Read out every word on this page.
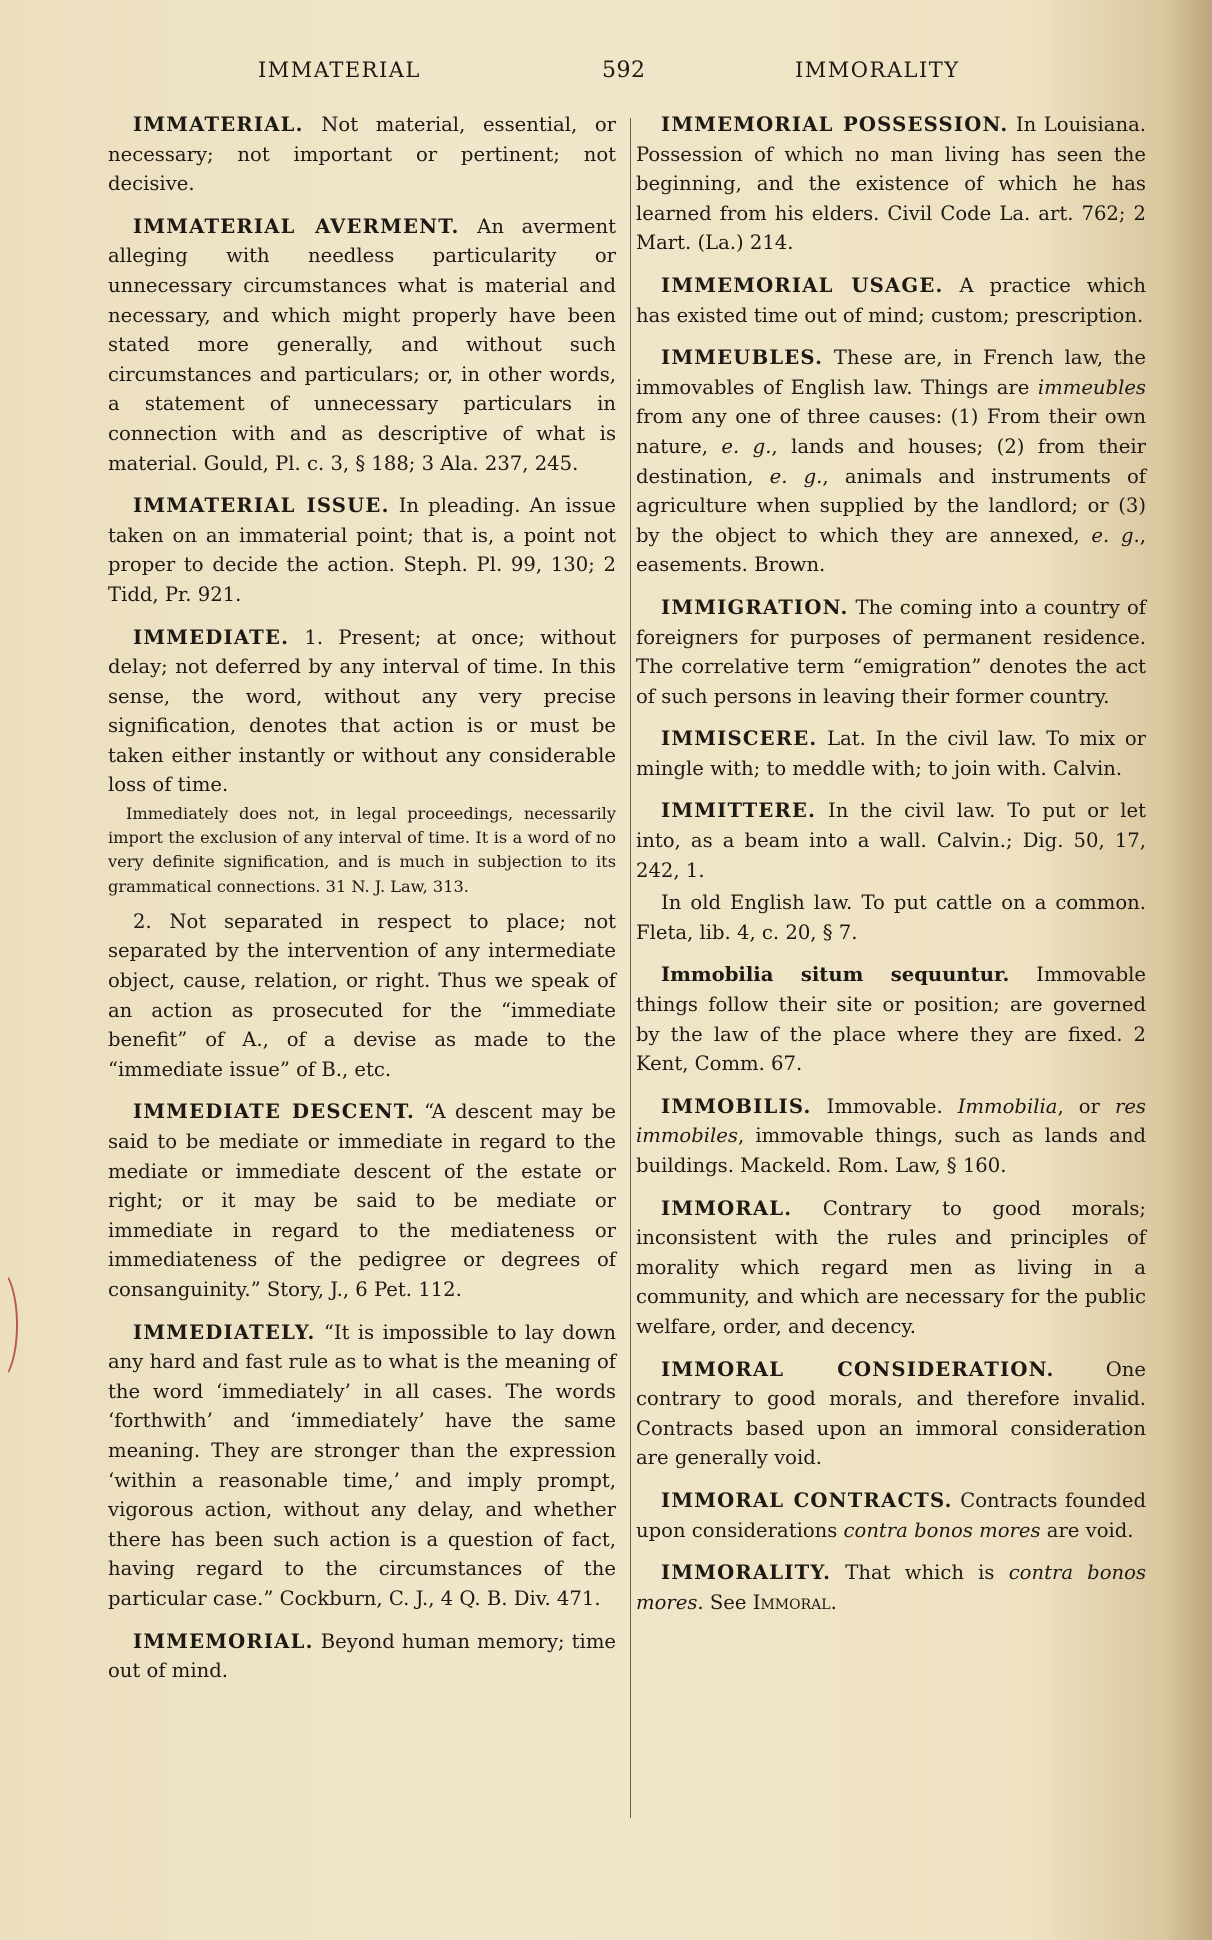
IMMATERIAL	592	IMMORALITY

IMMATERIAL. Not material, essential, or necessary; not important or pertinent; not decisive.

IMMATERIAL AVERMENT. An averment alleging with needless particularity or unnecessary circumstances what is material and necessary, and which might properly have been stated more generally, and without such circumstances and particulars; or, in other words, a statement of unnecessary particulars in connection with and as descriptive of what is material. Gould, Pl. c. 3, § 188; 3 Ala. 237, 245.

IMMATERIAL ISSUE. In pleading. An issue taken on an immaterial point; that is, a point not proper to decide the action. Steph. Pl. 99, 130; 2 Tidd, Pr. 921.

IMMEDIATE. 1. Present; at once; without delay; not deferred by any interval of time. In this sense, the word, without any very precise signification, denotes that action is or must be taken either instantly or without any considerable loss of time.

Immediately does not, in legal proceedings, necessarily import the exclusion of any interval of time. It is a word of no very definite signification, and is much in subjection to its grammatical connections. 31 N. J. Law, 313.

2. Not separated in respect to place; not separated by the intervention of any intermediate object, cause, relation, or right. Thus we speak of an action as prosecuted for the “immediate benefit” of A., of a devise as made to the “immediate issue” of B., etc.

IMMEDIATE DESCENT. “A descent may be said to be mediate or immediate in regard to the mediate or immediate descent of the estate or right; or it may be said to be mediate or immediate in regard to the mediateness or immediateness of the pedigree or degrees of consanguinity.” Story, J., 6 Pet. 112.

IMMEDIATELY. “It is impossible to lay down any hard and fast rule as to what is the meaning of the word ‘immediately’ in all cases. The words ‘forthwith’ and ‘immediately’ have the same meaning. They are stronger than the expression ‘within a reasonable time,’ and imply prompt, vigorous action, without any delay, and whether there has been such action is a question of fact, having regard to the circumstances of the particular case.” Cockburn, C. J., 4 Q. B. Div. 471.

IMMEMORIAL. Beyond human memory; time out of mind.

IMMEMORIAL POSSESSION. In Louisiana. Possession of which no man living has seen the beginning, and the existence of which he has learned from his elders. Civil Code La. art. 762; 2 Mart. (La.) 214.

IMMEMORIAL USAGE. A practice which has existed time out of mind; custom; prescription.

IMMEUBLES. These are, in French law, the immovables of English law. Things are immeubles from any one of three causes: (1) From their own nature, e. g., lands and houses; (2) from their destination, e. g., animals and instruments of agriculture when supplied by the landlord; or (3) by the object to which they are annexed, e. g., easements. Brown.

IMMIGRATION. The coming into a country of foreigners for purposes of permanent residence. The correlative term “emigration” denotes the act of such persons in leaving their former country.

IMMISCERE. Lat. In the civil law. To mix or mingle with; to meddle with; to join with. Calvin.

IMMITTERE. In the civil law. To put or let into, as a beam into a wall. Calvin.; Dig. 50, 17, 242, 1.

In old English law. To put cattle on a common. Fleta, lib. 4, c. 20, § 7.

Immobilia situm sequuntur. Immovable things follow their site or position; are governed by the law of the place where they are fixed. 2 Kent, Comm. 67.

IMMOBILIS. Immovable. Immobilia, or res immobiles, immovable things, such as lands and buildings. Mackeld. Rom. Law, § 160.

IMMORAL. Contrary to good morals; inconsistent with the rules and principles of morality which regard men as living in a community, and which are necessary for the public welfare, order, and decency.

IMMORAL CONSIDERATION. One contrary to good morals, and therefore invalid. Contracts based upon an immoral consideration are generally void.

IMMORAL CONTRACTS. Contracts founded upon considerations contra bonos mores are void.

IMMORALITY. That which is contra bonos mores. See Immoral.
